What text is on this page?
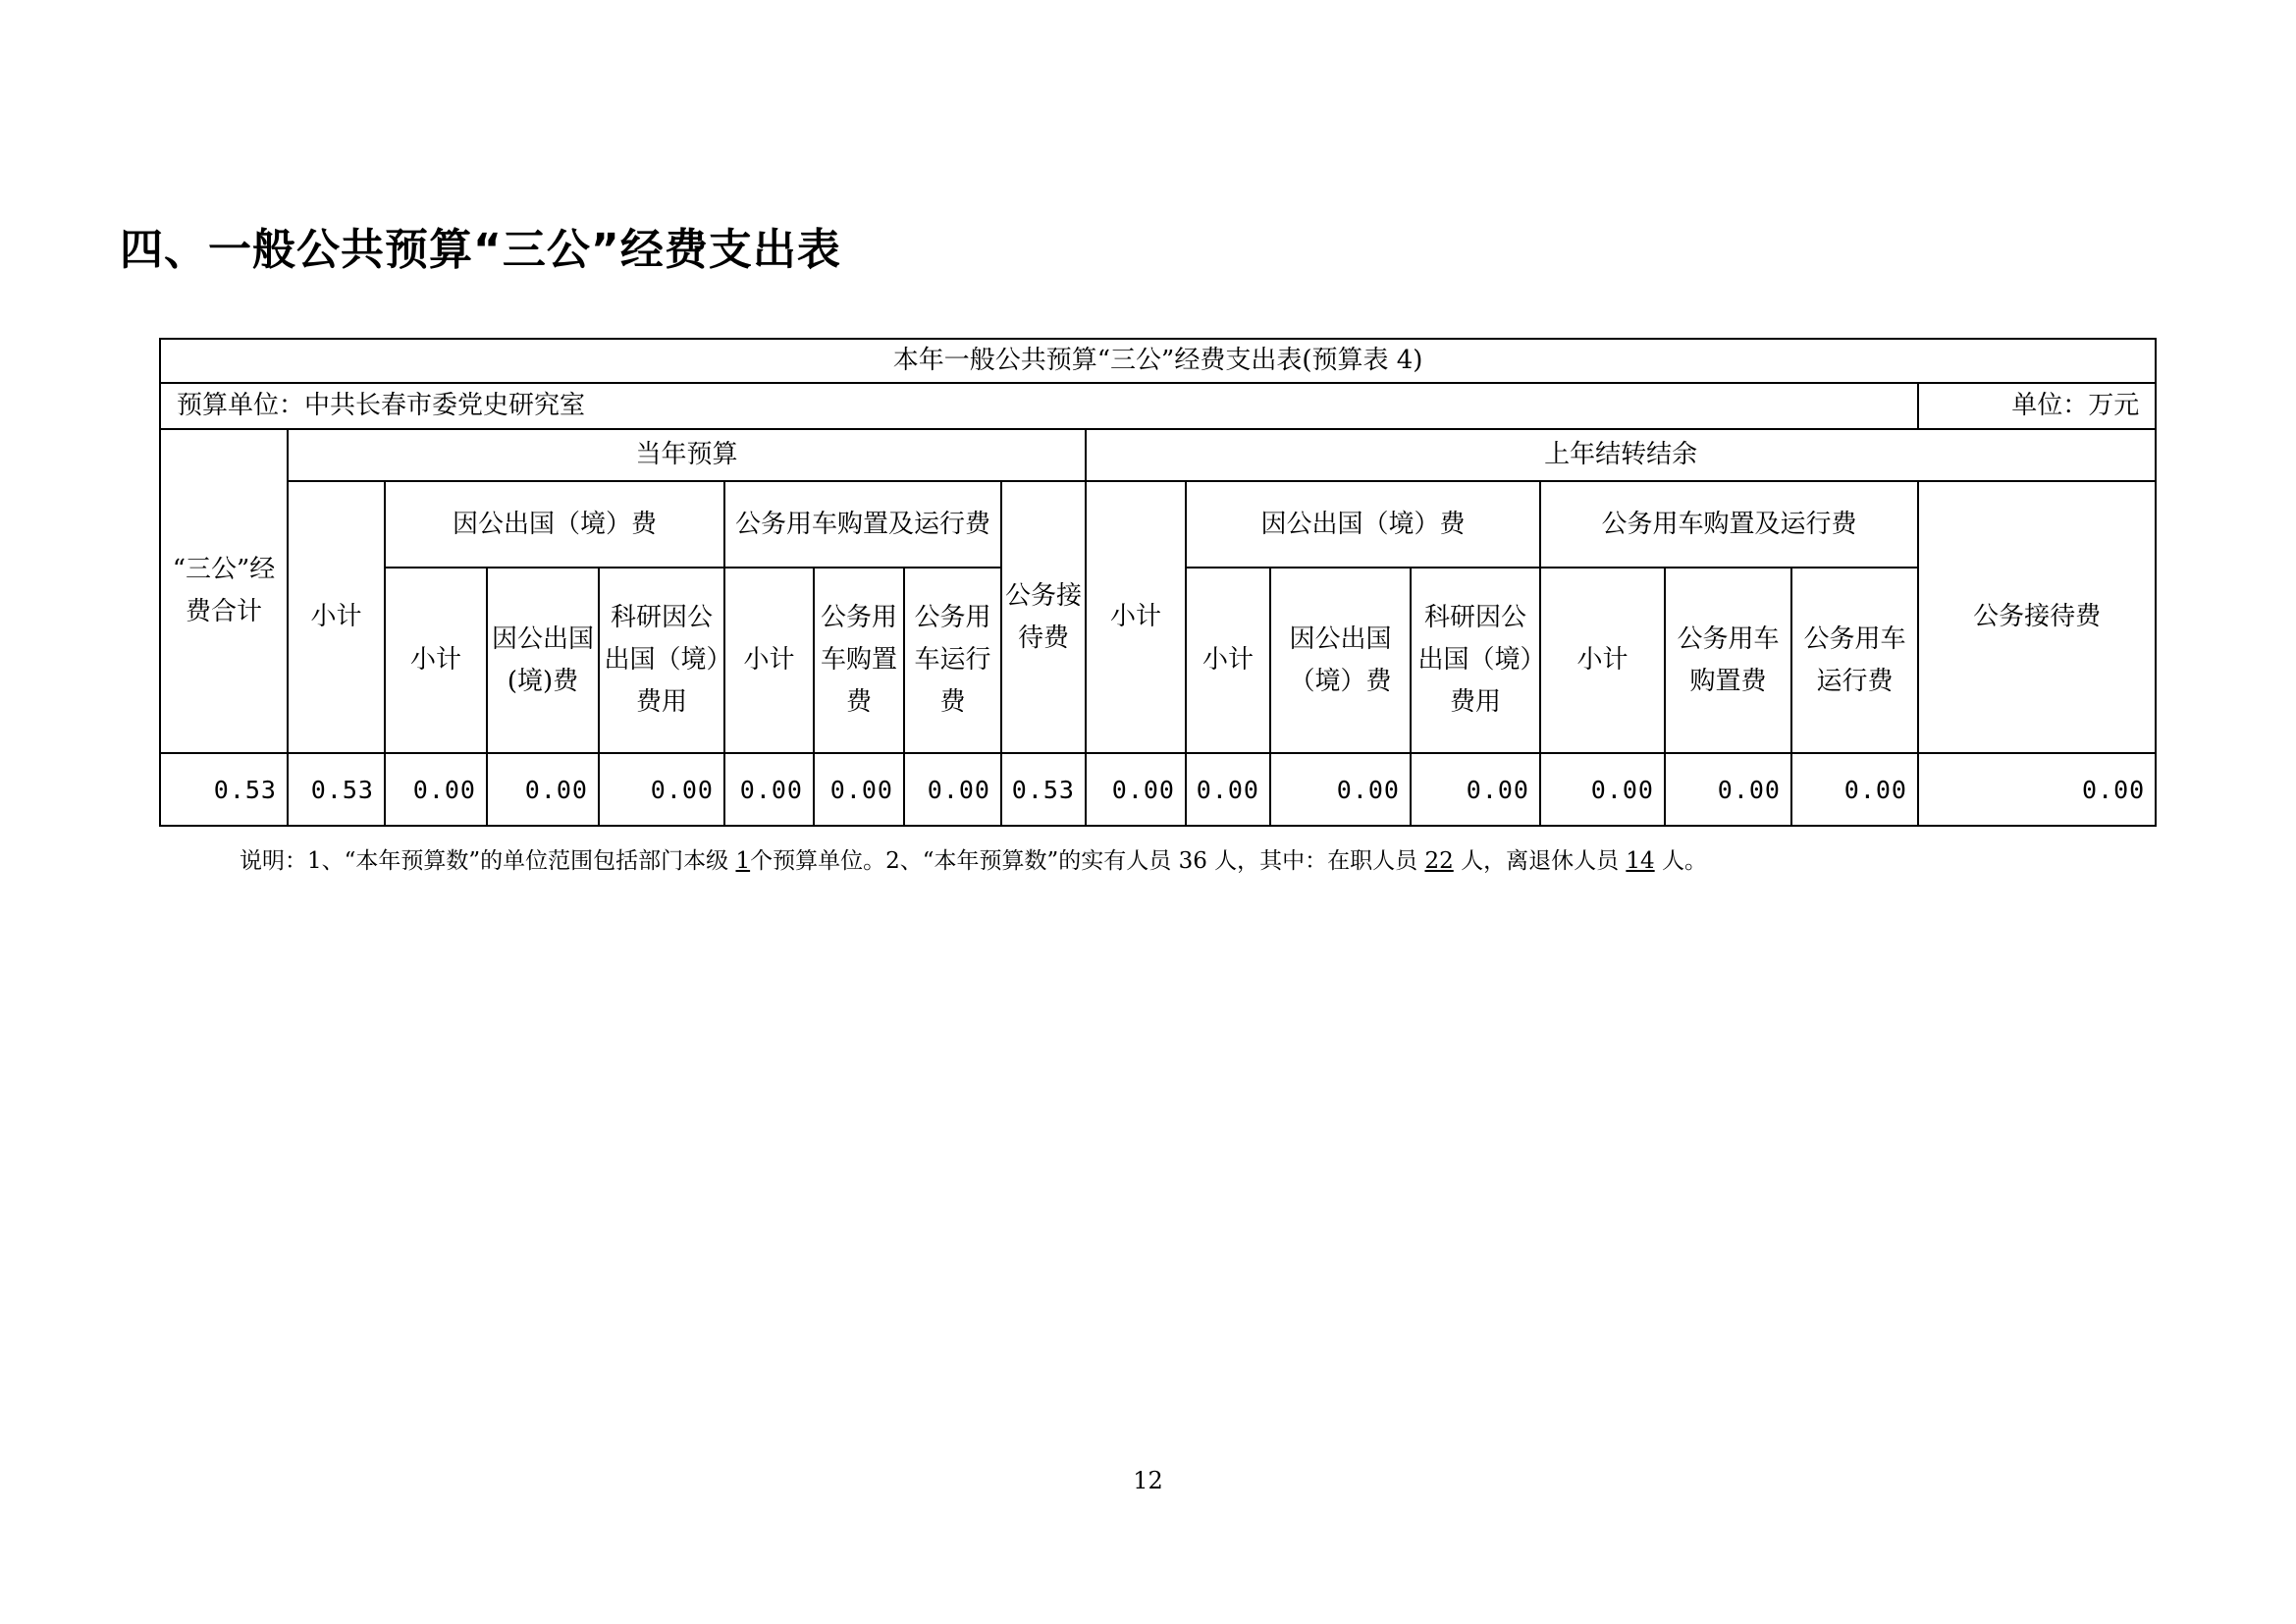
四、一般公共预算“三公”经费支出表
本年一般公共预算“三公”经费支出表(预算表 4)																
预算单位：中共长春市委党史研究室																单位：万元
“三公”经费合计	当年预算								上年结转结余							
	小计	因公出国（境）费			公务用车购置及运行费			公务接待费	小计	因公出国（境）费			公务用车购置及运行费			公务接待费
		小计	因公出国(境)费	科研因公出国（境）费用	小计	公务用车购置费	公务用车运行费			小计	因公出国（境）费	科研因公出国（境）费用	小计	公务用车购置费	公务用车运行费	
0.53	0.53	0.00	0.00	0.00	0.00	0.00	0.00	0.53	0.00	0.00	0.00	0.00	0.00	0.00	0.00	0.00
说明：1、“本年预算数”的单位范围包括部门本级 1个预算单位。2、“本年预算数”的实有人员 36 人，其中：在职人员 22 人，离退休人员 14 人。
12
